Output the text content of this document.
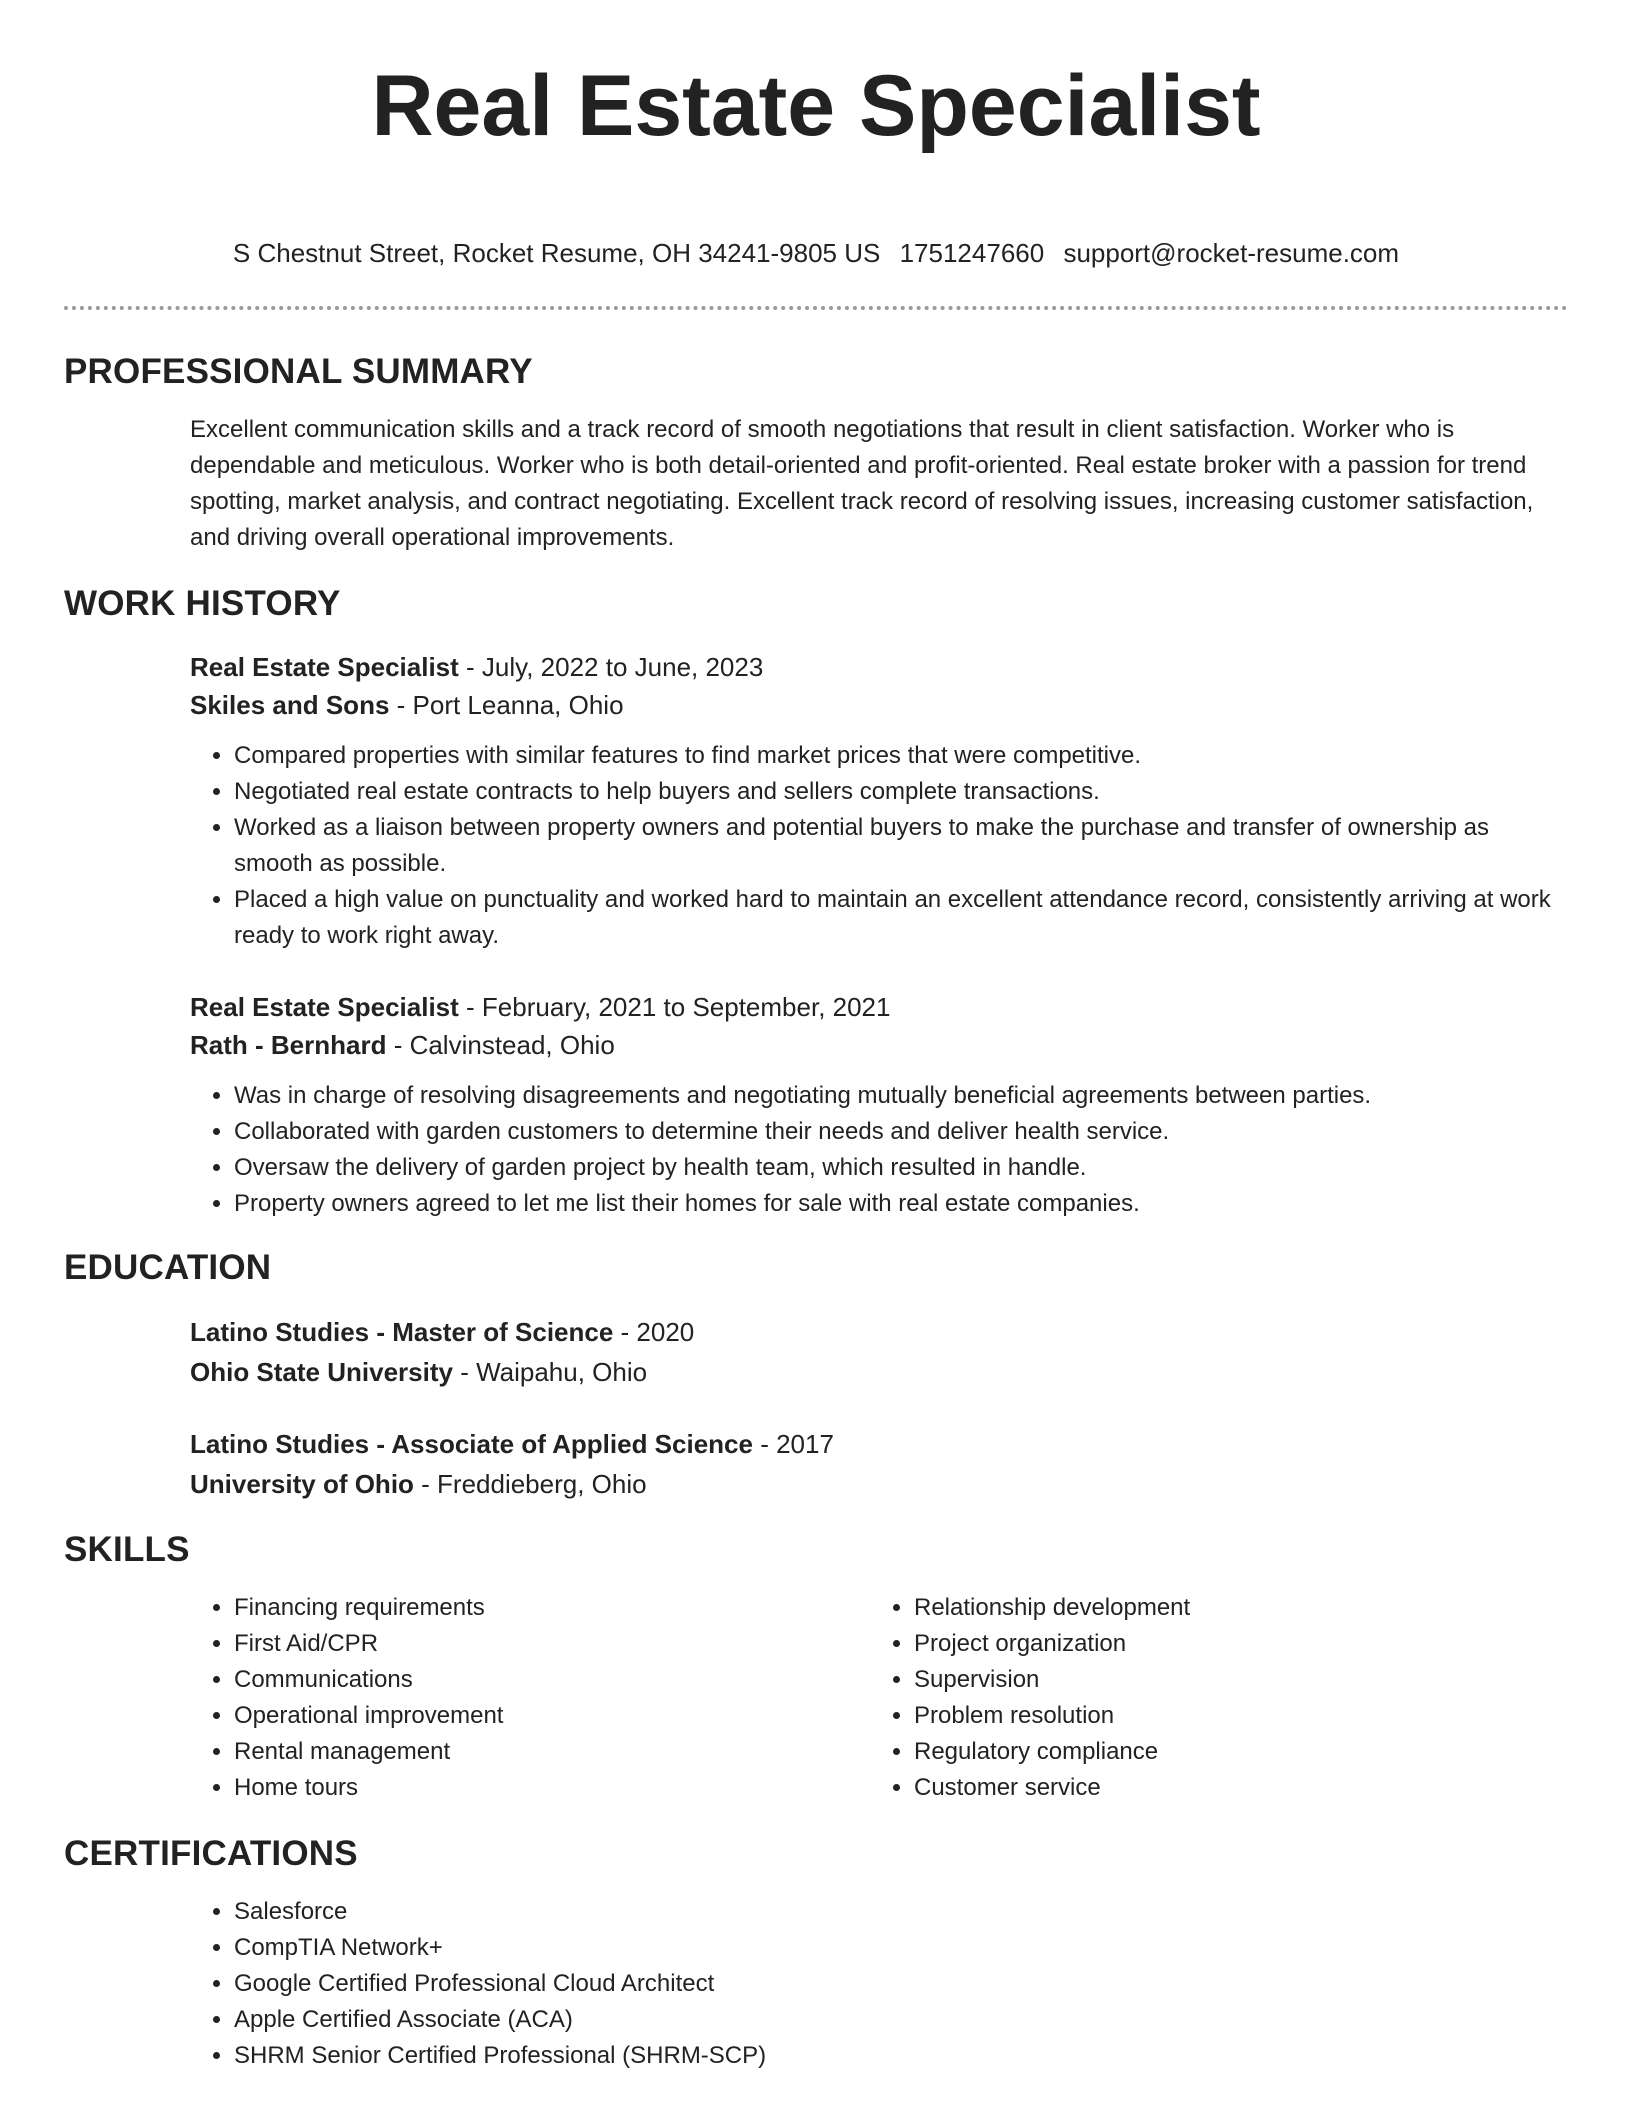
Real Estate Specialist
S Chestnut Street, Rocket Resume, OH 34241-9805 US 1751247660 support@rocket-resume.com
PROFESSIONAL SUMMARY

Excellent communication skills and a track record of smooth negotiations that result in client satisfaction. Worker who is dependable and meticulous. Worker who is both detail-oriented and profit-oriented. Real estate broker with a passion for trend spotting, market analysis, and contract negotiating. Excellent track record of resolving issues, increasing customer satisfaction, and driving overall operational improvements.

WORK HISTORY
Real Estate Specialist - July, 2022 to June, 2023
Skiles and Sons - Port Leanna, Ohio
• Compared properties with similar features to find market prices that were competitive.
• Negotiated real estate contracts to help buyers and sellers complete transactions.
• Worked as a liaison between property owners and potential buyers to make the purchase and transfer of ownership as smooth as possible.
• Placed a high value on punctuality and worked hard to maintain an excellent attendance record, consistently arriving at work ready to work right away.
Real Estate Specialist - February, 2021 to September, 2021
Rath - Bernhard - Calvinstead, Ohio
• Was in charge of resolving disagreements and negotiating mutually beneficial agreements between parties.
• Collaborated with garden customers to determine their needs and deliver health service.
• Oversaw the delivery of garden project by health team, which resulted in handle.
• Property owners agreed to let me list their homes for sale with real estate companies.
EDUCATION
Latino Studies - Master of Science - 2020
Ohio State University - Waipahu, Ohio
Latino Studies - Associate of Applied Science - 2017
University of Ohio - Freddieberg, Ohio
SKILLS
• Financing requirements
• First Aid/CPR
• Communications
• Operational improvement
• Rental management
• Home tours
• Relationship development
• Project organization
• Supervision
• Problem resolution
• Regulatory compliance
• Customer service
CERTIFICATIONS
• Salesforce
• CompTIA Network+
• Google Certified Professional Cloud Architect
• Apple Certified Associate (ACA)
• SHRM Senior Certified Professional (SHRM-SCP)
